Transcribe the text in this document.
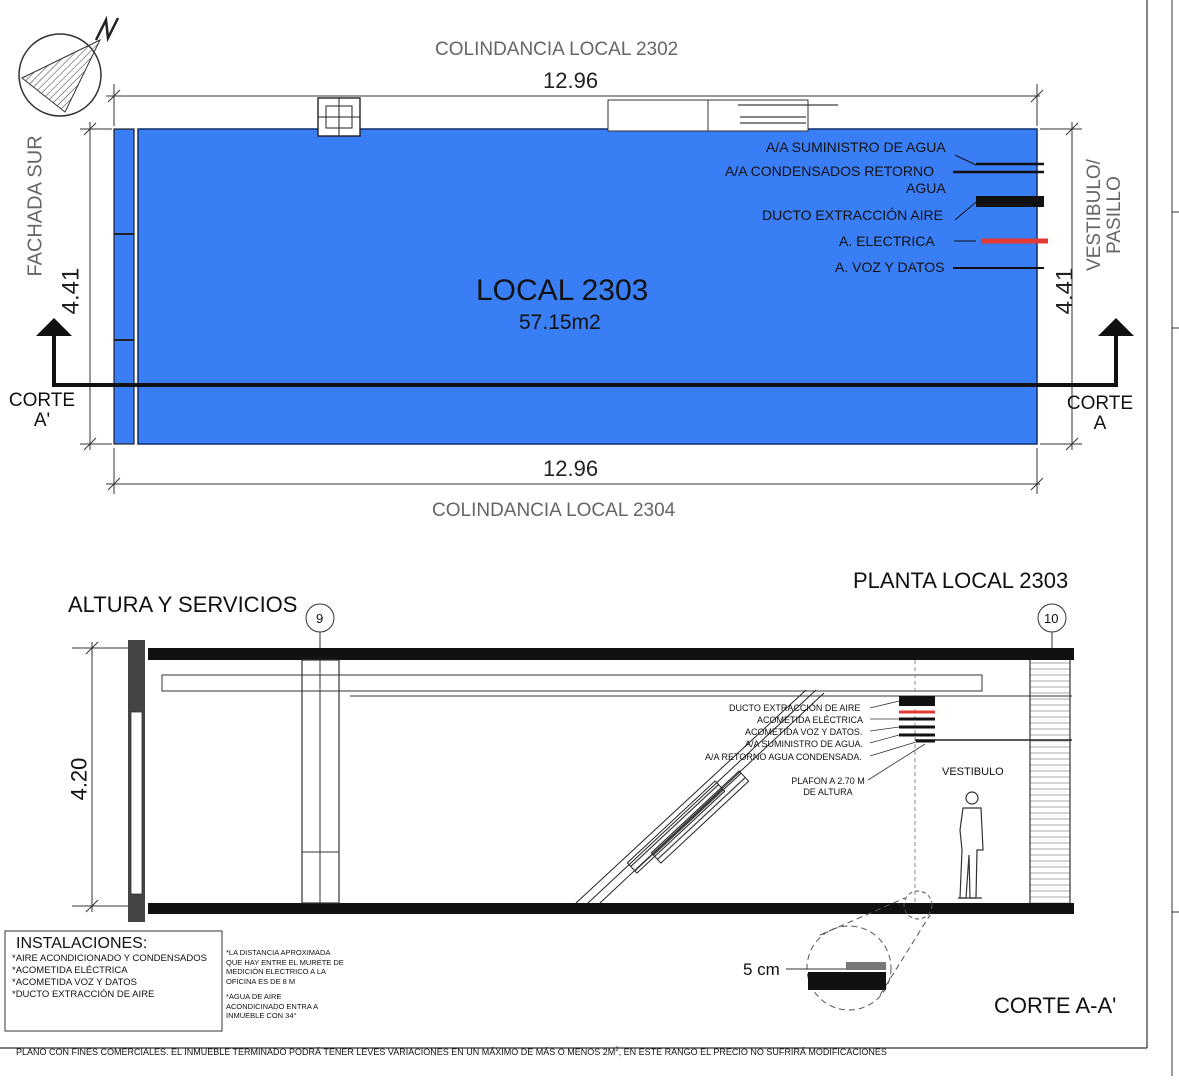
COLINDANCIA LOCAL 2302
12.96
12.96
COLINDANCIA LOCAL 2304
FACHADA SUR
4.41	4.41
VESTIBULO/ PASILLO
LOCAL 2303
57.15m2
CORTE
A'
CORTE
A
A/A SUMINISTRO DE AGUA
A/A CONDENSADOS RETORNO
AGUA
DUCTO EXTRACCIÓN AIRE
A. ELECTRICA
A. VOZ Y DATOS
PLANTA LOCAL 2303
ALTURA Y SERVICIOS
9	10
4.20
DUCTO EXTRACCIÓN DE AIRE
ACOMETIDA ELÉCTRICA
ACOMETIDA VOZ Y DATOS.
A/A SUMINISTRO DE AGUA.
A/A RETORNO AGUA CONDENSADA.
PLAFON A 2.70 M
DE ALTURA
VESTIBULO
5 cm
CORTE A-A'
INSTALACIONES:
*AIRE ACONDICIONADO Y CONDENSADOS
*ACOMETIDA ELÉCTRICA
*ACOMETIDA VOZ Y DATOS
*DUCTO EXTRACCIÓN DE AIRE
*LA DISTANCIA APROXIMADA
QUE HAY ENTRE EL MURETE DE
MEDICIÓN ELECTRICO A LA
OFICINA ES DE 8 M
*AGUA DE AIRE
ACONDICINADO ENTRA A
INMUEBLE CON 34°
PLANO CON FINES COMERCIALES. EL INMUEBLE TERMINADO PODRÁ TENER LEVES VARIACIONES EN UN MÁXIMO DE MÁS O MENOS $2M^2$, EN ESTE RANGO EL PRECIO NO SUFRIRÁ MODIFICACIONES
